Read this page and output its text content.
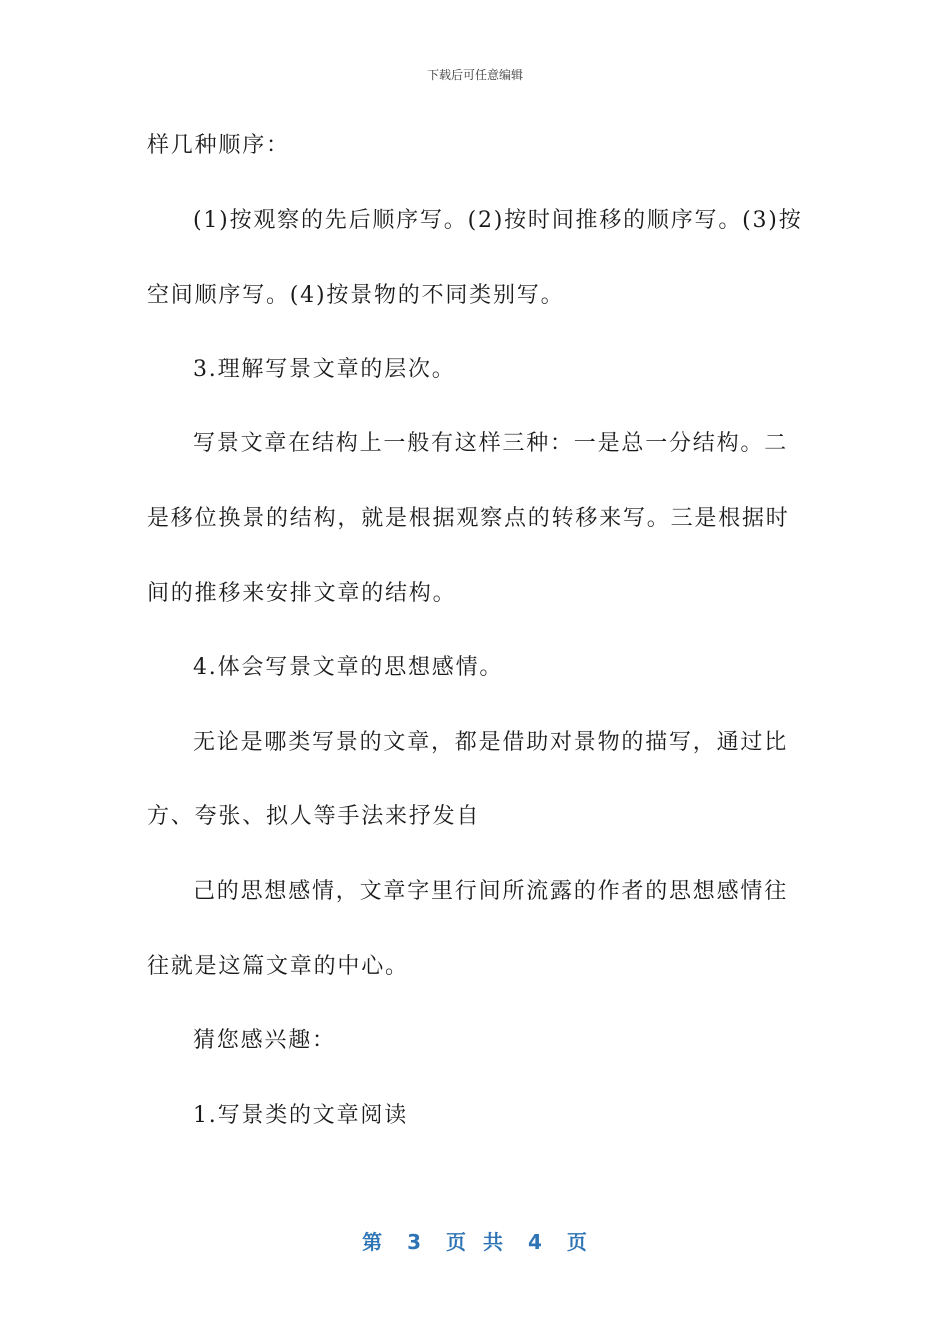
下载后可任意编辑
样几种顺序：
(1)按观察的先后顺序写。(2)按时间推移的顺序写。(3)按
空间顺序写。(4)按景物的不同类别写。
3.理解写景文章的层次。
写景文章在结构上一般有这样三种：一是总一分结构。二
是移位换景的结构，就是根据观察点的转移来写。三是根据时
间的推移来安排文章的结构。
4.体会写景文章的思想感情。
无论是哪类写景的文章，都是借助对景物的描写，通过比
方、夸张、拟人等手法来抒发自
己的思想感情，文章字里行间所流露的作者的思想感情往
往就是这篇文章的中心。
猜您感兴趣：
1.写景类的文章阅读
第 3 页 共 4 页
